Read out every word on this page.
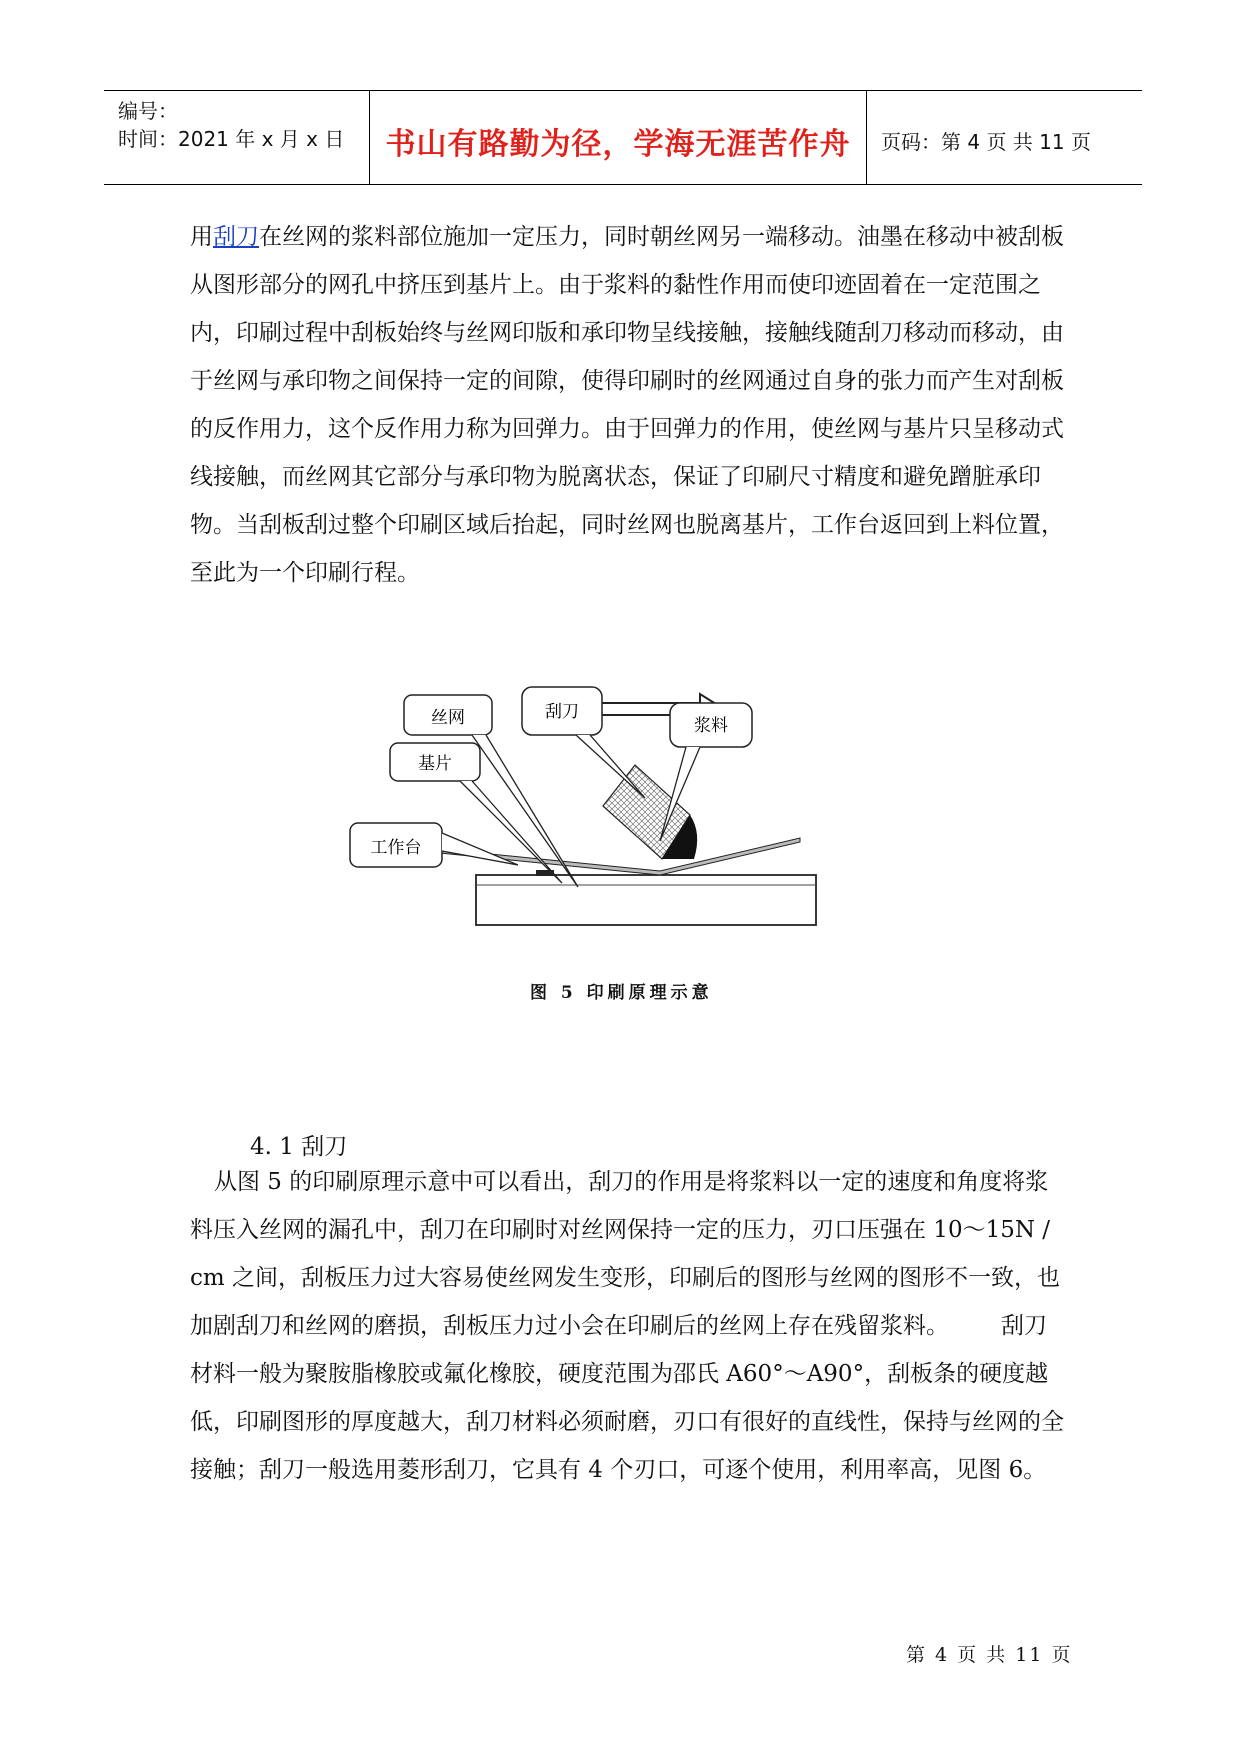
编号：
时间：2021 年 x 月 x 日	书山有路勤为径，学海无涯苦作舟	页码：第 4 页 共 11 页

用刮刀在丝网的浆料部位施加一定压力，同时朝丝网另一端移动。油墨在移动中被刮板从图形部分的网孔中挤压到基片上。由于浆料的黏性作用而使印迹固着在一定范围之内，印刷过程中刮板始终与丝网印版和承印物呈线接触，接触线随刮刀移动而移动，由于丝网与承印物之间保持一定的间隙，使得印刷时的丝网通过自身的张力而产生对刮板的反作用力，这个反作用力称为回弹力。由于回弹力的作用，使丝网与基片只呈移动式线接触，而丝网其它部分与承印物为脱离状态，保证了印刷尺寸精度和避免蹭脏承印物。当刮板刮过整个印刷区域后抬起，同时丝网也脱离基片，工作台返回到上料位置，至此为一个印刷行程。

丝网
基片
工作台
刮刀
浆料
图 5 印刷原理示意
4. 1 刮刀

从图 5 的印刷原理示意中可以看出，刮刀的作用是将浆料以一定的速度和角度将浆料压入丝网的漏孔中，刮刀在印刷时对丝网保持一定的压力，刃口压强在 10～15N / cm 之间，刮板压力过大容易使丝网发生变形，印刷后的图形与丝网的图形不一致，也加剧刮刀和丝网的磨损，刮板压力过小会在印刷后的丝网上存在残留浆料。 刮刀材料一般为聚胺脂橡胶或氟化橡胶，硬度范围为邵氏 A60°～A90°，刮板条的硬度越低，印刷图形的厚度越大，刮刀材料必须耐磨，刃口有很好的直线性，保持与丝网的全接触；刮刀一般选用菱形刮刀，它具有 4 个刃口，可逐个使用，利用率高，见图 6。

第 4 页 共 11 页
